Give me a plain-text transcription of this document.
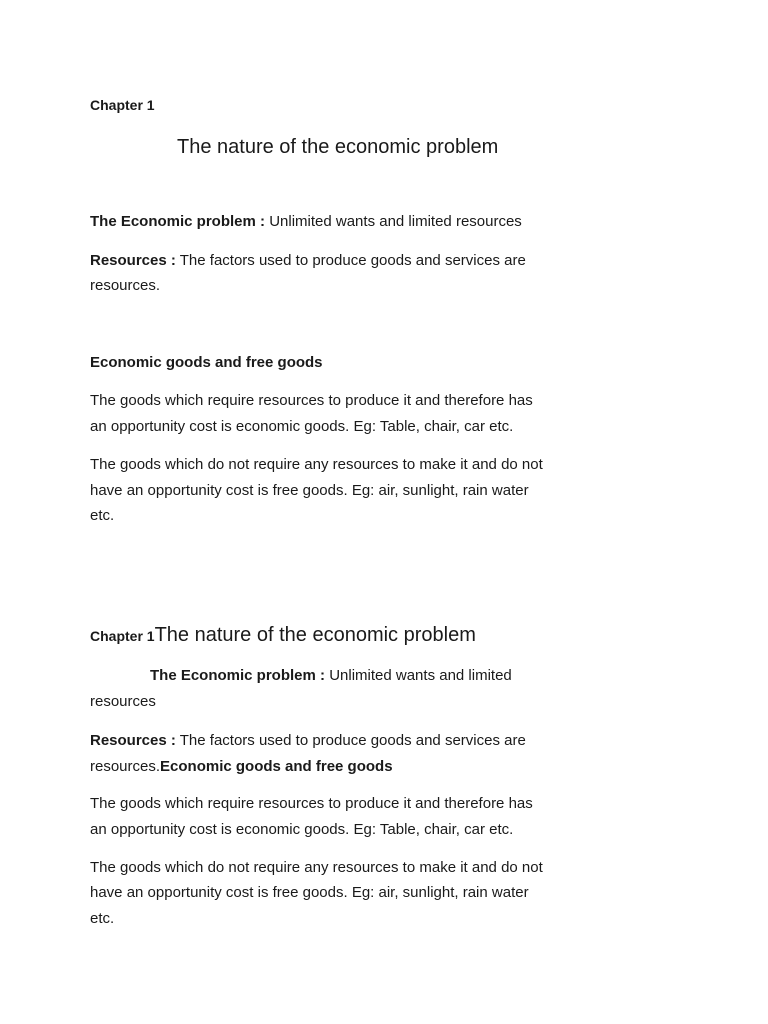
Chapter 1

The nature of the economic problem

The Economic problem : Unlimited wants and limited resources

Resources : The factors used to produce goods and services are

resources.

Economic goods and free goods

The goods which require resources to produce it and therefore has

an opportunity cost is economic goods. Eg: Table, chair, car etc.

The goods which do not require any resources to make it and do not

have an opportunity cost is free goods. Eg: air, sunlight, rain water

etc.

Chapter 1The nature of the economic problem

The Economic problem : Unlimited wants and limited

resources

Resources : The factors used to produce goods and services are

resources.Economic goods and free goods

The goods which require resources to produce it and therefore has

an opportunity cost is economic goods. Eg: Table, chair, car etc.

The goods which do not require any resources to make it and do not

have an opportunity cost is free goods. Eg: air, sunlight, rain water

etc.
